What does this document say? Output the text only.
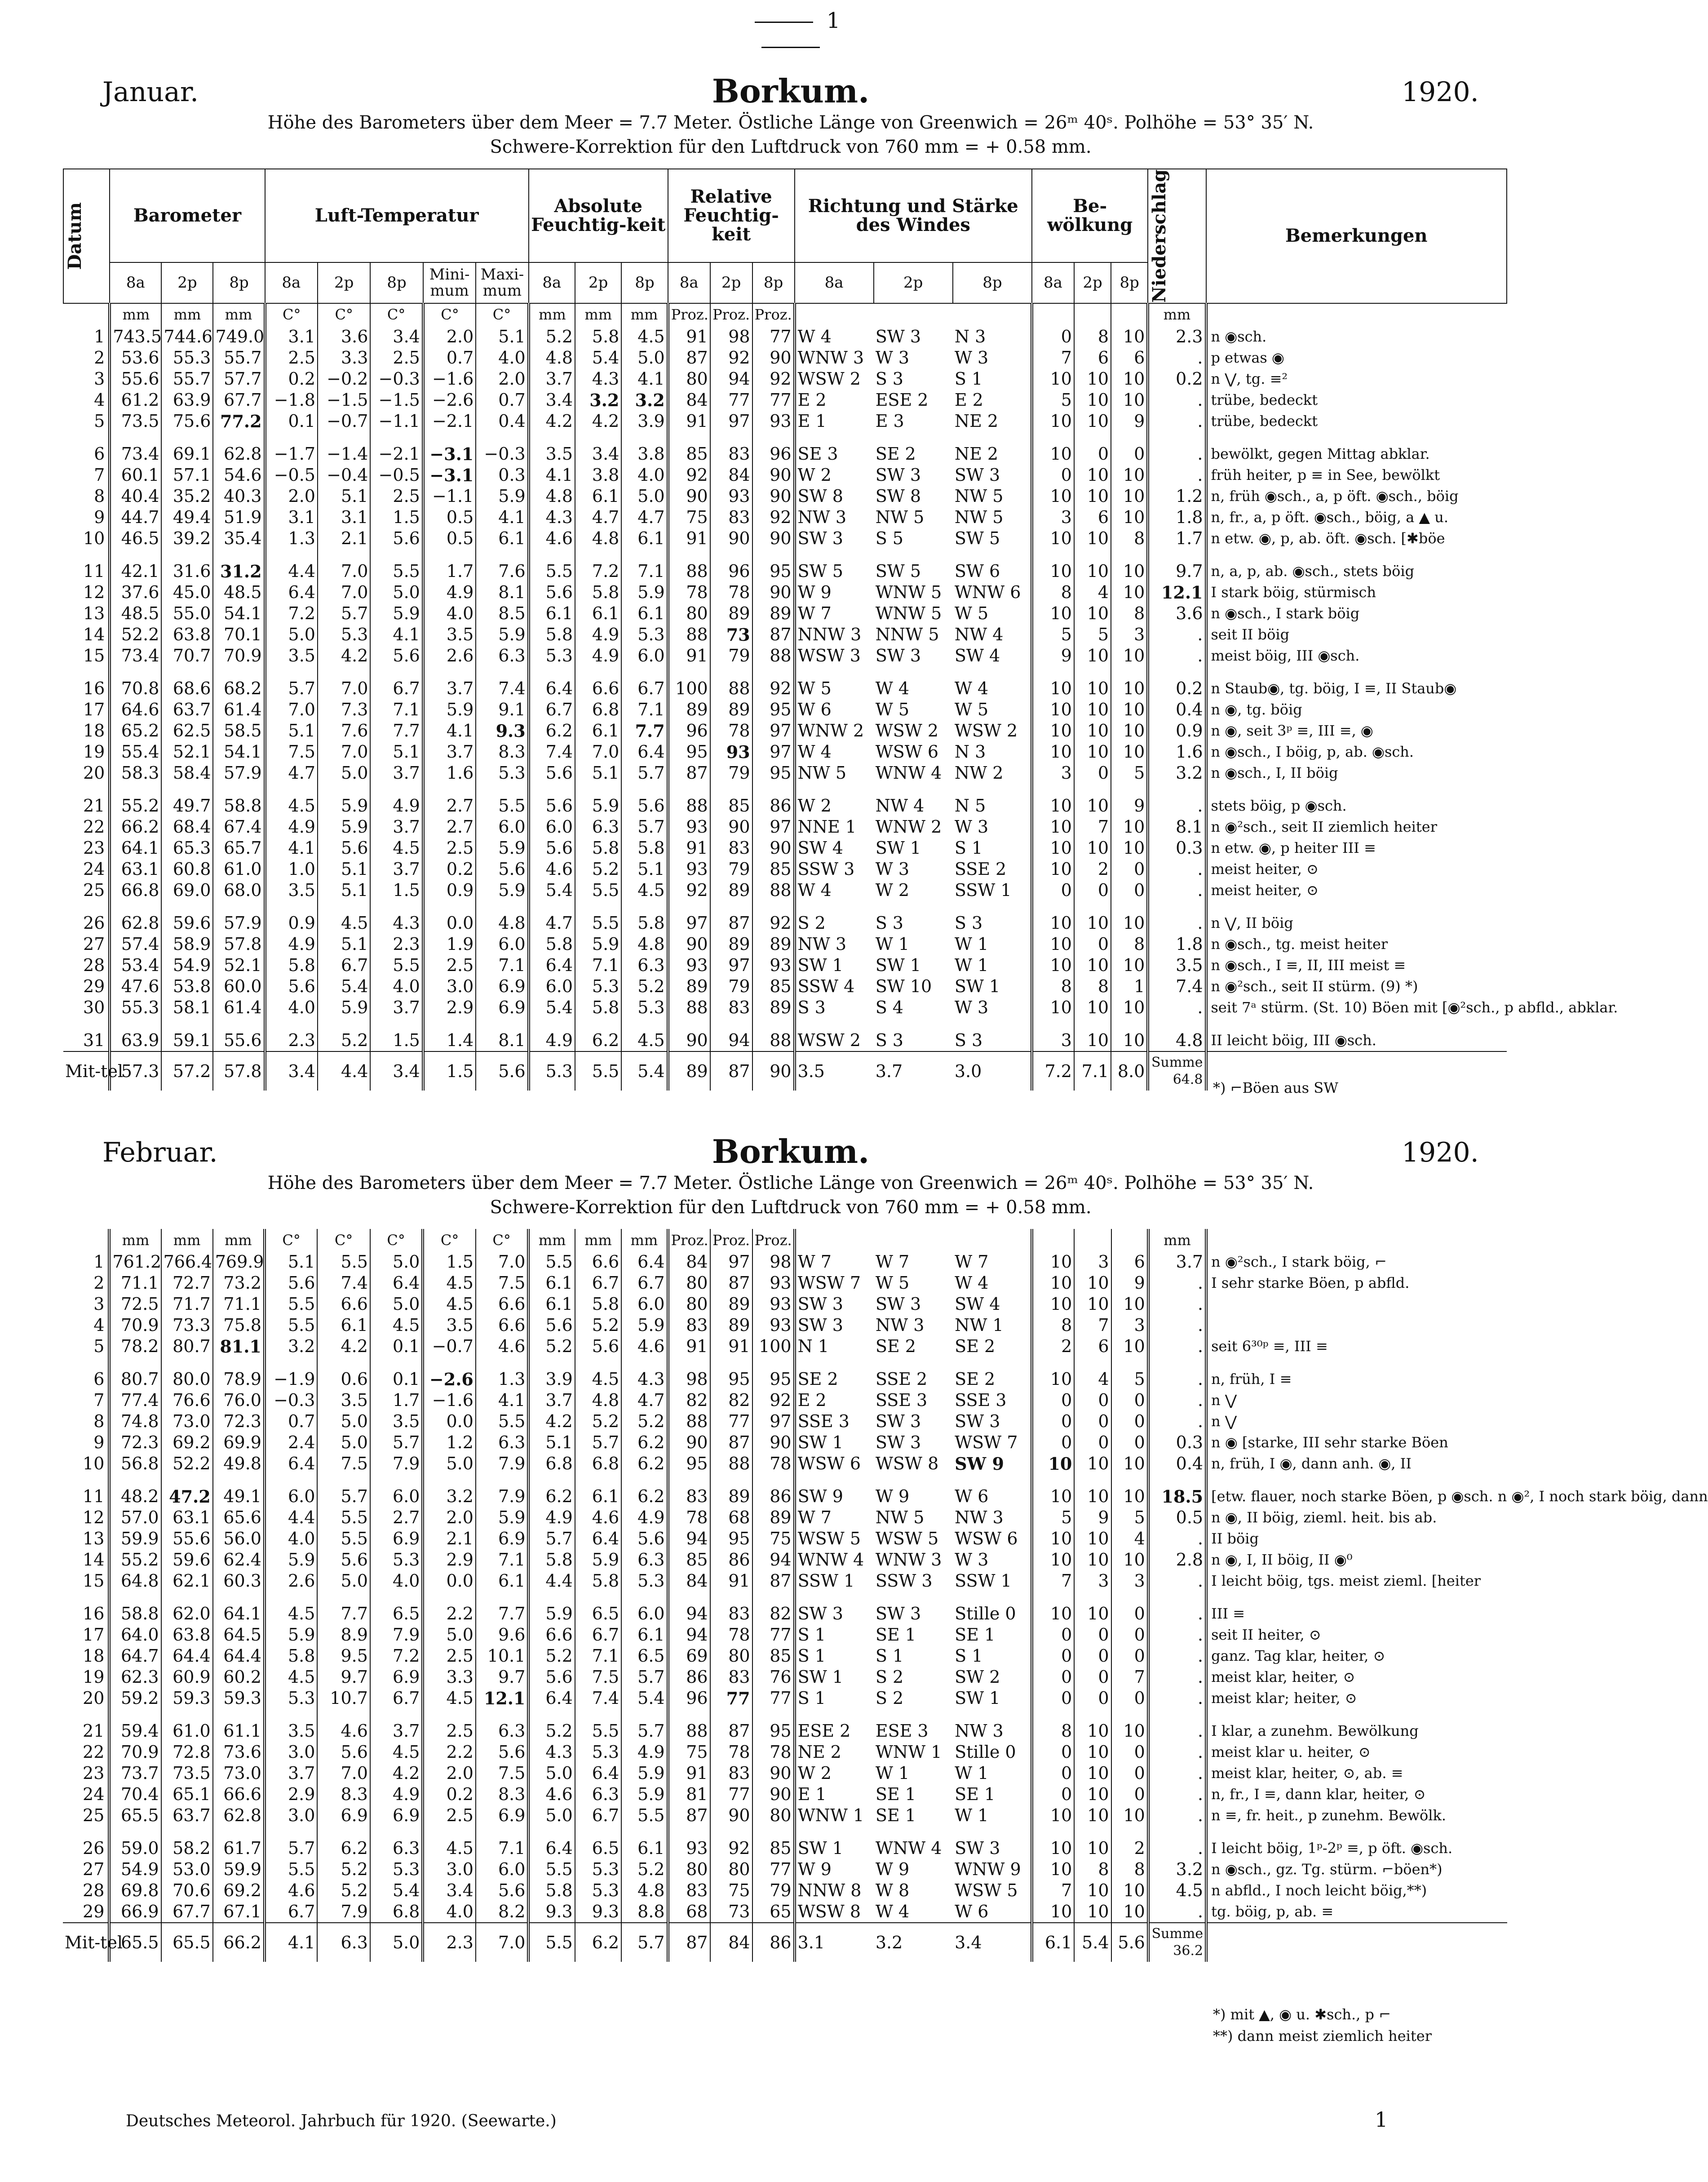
1
Januar.	Borkum.	1920.
Höhe des Barometers über dem Meer = 7.7 Meter. Östliche Länge von Greenwich = 26ᵐ 40ˢ. Polhöhe = 53° 35′ N.
Schwere-Korrektion für den Luftdruck von 760 mm = + 0.58 mm.
Datum	Barometer			Luft-Temperatur					Absolute Feuchtig-keit			Relative Feuchtig-keit			Richtung und Stärke des Windes			Be-wölkung			Niederschlag	Bemerkungen
	8a	2p	8p	8a	2p	8p	Mini-mum	Maxi-mum	8a	2p	8p	8a	2p	8p	8a	2p	8p	8a	2p	8p		
	mm	mm	mm	C°	C°	C°	C°	C°	mm	mm	mm	Proz.	Proz.	Proz.							mm	
1	743.5	744.6	749.0	3.1	3.6	3.4	2.0	5.1	5.2	5.8	4.5	91	98	77	W 4	SW 3	N 3	0	8	10	2.3	n ◉sch.
2	53.6	55.3	55.7	2.5	3.3	2.5	0.7	4.0	4.8	5.4	5.0	87	92	90	WNW 3	W 3	W 3	7	6	6	.	p etwas ◉
3	55.6	55.7	57.7	0.2	−0.2	−0.3	−1.6	2.0	3.7	4.3	4.1	80	94	92	WSW 2	S 3	S 1	10	10	10	0.2	n ⋁, tg. ≡²
4	61.2	63.9	67.7	−1.8	−1.5	−1.5	−2.6	0.7	3.4	3.2	3.2	84	77	77	E 2	ESE 2	E 2	5	10	10	.	trübe, bedeckt
5	73.5	75.6	77.2	0.1	−0.7	−1.1	−2.1	0.4	4.2	4.2	3.9	91	97	93	E 1	E 3	NE 2	10	10	9	.	trübe, bedeckt
6	73.4	69.1	62.8	−1.7	−1.4	−2.1	−3.1	−0.3	3.5	3.4	3.8	85	83	96	SE 3	SE 2	NE 2	10	0	0	.	bewölkt, gegen Mittag abklar.
7	60.1	57.1	54.6	−0.5	−0.4	−0.5	−3.1	0.3	4.1	3.8	4.0	92	84	90	W 2	SW 3	SW 3	0	10	10	.	früh heiter, p ≡ in See, bewölkt
8	40.4	35.2	40.3	2.0	5.1	2.5	−1.1	5.9	4.8	6.1	5.0	90	93	90	SW 8	SW 8	NW 5	10	10	10	1.2	n, früh ◉sch., a, p öft. ◉sch., böig
9	44.7	49.4	51.9	3.1	3.1	1.5	0.5	4.1	4.3	4.7	4.7	75	83	92	NW 3	NW 5	NW 5	3	6	10	1.8	n, fr., a, p öft. ◉sch., böig, a ▲ u.
10	46.5	39.2	35.4	1.3	2.1	5.6	0.5	6.1	4.6	4.8	6.1	91	90	90	SW 3	S 5	SW 5	10	10	8	1.7	n etw. ◉, p, ab. öft. ◉sch. [✱böe
11	42.1	31.6	31.2	4.4	7.0	5.5	1.7	7.6	5.5	7.2	7.1	88	96	95	SW 5	SW 5	SW 6	10	10	10	9.7	n, a, p, ab. ◉sch., stets böig
12	37.6	45.0	48.5	6.4	7.0	5.0	4.9	8.1	5.6	5.8	5.9	78	78	90	W 9	WNW 5	WNW 6	8	4	10	12.1	I stark böig, stürmisch
13	48.5	55.0	54.1	7.2	5.7	5.9	4.0	8.5	6.1	6.1	6.1	80	89	89	W 7	WNW 5	W 5	10	10	8	3.6	n ◉sch., I stark böig
14	52.2	63.8	70.1	5.0	5.3	4.1	3.5	5.9	5.8	4.9	5.3	88	73	87	NNW 3	NNW 5	NW 4	5	5	3	.	seit II böig
15	73.4	70.7	70.9	3.5	4.2	5.6	2.6	6.3	5.3	4.9	6.0	91	79	88	WSW 3	SW 3	SW 4	9	10	10	.	meist böig, III ◉sch.
16	70.8	68.6	68.2	5.7	7.0	6.7	3.7	7.4	6.4	6.6	6.7	100	88	92	W 5	W 4	W 4	10	10	10	0.2	n Staub◉, tg. böig, I ≡, II Staub◉
17	64.6	63.7	61.4	7.0	7.3	7.1	5.9	9.1	6.7	6.8	7.1	89	89	95	W 6	W 5	W 5	10	10	10	0.4	n ◉, tg. böig
18	65.2	62.5	58.5	5.1	7.6	7.7	4.1	9.3	6.2	6.1	7.7	96	78	97	WNW 2	WSW 2	WSW 2	10	10	10	0.9	n ◉, seit 3ᵖ ≡, III ≡, ◉
19	55.4	52.1	54.1	7.5	7.0	5.1	3.7	8.3	7.4	7.0	6.4	95	93	97	W 4	WSW 6	N 3	10	10	10	1.6	n ◉sch., I böig, p, ab. ◉sch.
20	58.3	58.4	57.9	4.7	5.0	3.7	1.6	5.3	5.6	5.1	5.7	87	79	95	NW 5	WNW 4	NW 2	3	0	5	3.2	n ◉sch., I, II böig
21	55.2	49.7	58.8	4.5	5.9	4.9	2.7	5.5	5.6	5.9	5.6	88	85	86	W 2	NW 4	N 5	10	10	9	.	stets böig, p ◉sch.
22	66.2	68.4	67.4	4.9	5.9	3.7	2.7	6.0	6.0	6.3	5.7	93	90	97	NNE 1	WNW 2	W 3	10	7	10	8.1	n ◉²sch., seit II ziemlich heiter
23	64.1	65.3	65.7	4.1	5.6	4.5	2.5	5.9	5.6	5.8	5.8	91	83	90	SW 4	SW 1	S 1	10	10	10	0.3	n etw. ◉, p heiter III ≡
24	63.1	60.8	61.0	1.0	5.1	3.7	0.2	5.6	4.6	5.2	5.1	93	79	85	SSW 3	W 3	SSE 2	10	2	0	.	meist heiter, ⊙
25	66.8	69.0	68.0	3.5	5.1	1.5	0.9	5.9	5.4	5.5	4.5	92	89	88	W 4	W 2	SSW 1	0	0	0	.	meist heiter, ⊙
26	62.8	59.6	57.9	0.9	4.5	4.3	0.0	4.8	4.7	5.5	5.8	97	87	92	S 2	S 3	S 3	10	10	10	.	n ⋁, II böig
27	57.4	58.9	57.8	4.9	5.1	2.3	1.9	6.0	5.8	5.9	4.8	90	89	89	NW 3	W 1	W 1	10	0	8	1.8	n ◉sch., tg. meist heiter
28	53.4	54.9	52.1	5.8	6.7	5.5	2.5	7.1	6.4	7.1	6.3	93	97	93	SW 1	SW 1	W 1	10	10	10	3.5	n ◉sch., I ≡, II, III meist ≡
29	47.6	53.8	60.0	5.6	5.4	4.0	3.0	6.9	6.0	5.3	5.2	89	79	85	SSW 4	SW 10	SW 1	8	8	1	7.4	n ◉²sch., seit II stürm. (9) *)
30	55.3	58.1	61.4	4.0	5.9	3.7	2.9	6.9	5.4	5.8	5.3	88	83	89	S 3	S 4	W 3	10	10	10	.	seit 7ᵃ stürm. (St. 10) Böen mit [◉²sch., p abfld., abklar.
31	63.9	59.1	55.6	2.3	5.2	1.5	1.4	8.1	4.9	6.2	4.5	90	94	88	WSW 2	S 3	S 3	3	10	10	4.8	II leicht böig, III ◉sch.
Mit-tel	57.3	57.2	57.8	3.4	4.4	3.4	1.5	5.6	5.3	5.5	5.4	89	87	90	3.5	3.7	3.0	7.2	7.1	8.0	Summe 64.8	*) ⌐Böen aus SW
Februar.	Borkum.	1920.
Höhe des Barometers über dem Meer = 7.7 Meter. Östliche Länge von Greenwich = 26ᵐ 40ˢ. Polhöhe = 53° 35′ N.
Schwere-Korrektion für den Luftdruck von 760 mm = + 0.58 mm.
	mm	mm	mm	C°	C°	C°	C°	C°	mm	mm	mm	Proz.	Proz.	Proz.							mm	
1	761.2	766.4	769.9	5.1	5.5	5.0	1.5	7.0	5.5	6.6	6.4	84	97	98	W 7	W 7	W 7	10	3	6	3.7	n ◉²sch., I stark böig, ⌐
2	71.1	72.7	73.2	5.6	7.4	6.4	4.5	7.5	6.1	6.7	6.7	80	87	93	WSW 7	W 5	W 4	10	10	9	.	I sehr starke Böen, p abfld.
3	72.5	71.7	71.1	5.5	6.6	5.0	4.5	6.6	6.1	5.8	6.0	80	89	93	SW 3	SW 3	SW 4	10	10	10	.	
4	70.9	73.3	75.8	5.5	6.1	4.5	3.5	6.6	5.6	5.2	5.9	83	89	93	SW 3	NW 3	NW 1	8	7	3	.	
5	78.2	80.7	81.1	3.2	4.2	0.1	−0.7	4.6	5.2	5.6	4.6	91	91	100	N 1	SE 2	SE 2	2	6	10	.	seit 6³⁰ᵖ ≡, III ≡
6	80.7	80.0	78.9	−1.9	0.6	0.1	−2.6	1.3	3.9	4.5	4.3	98	95	95	SE 2	SSE 2	SE 2	10	4	5	.	n, früh, I ≡
7	77.4	76.6	76.0	−0.3	3.5	1.7	−1.6	4.1	3.7	4.8	4.7	82	82	92	E 2	SSE 3	SSE 3	0	0	0	.	n ⋁
8	74.8	73.0	72.3	0.7	5.0	3.5	0.0	5.5	4.2	5.2	5.2	88	77	97	SSE 3	SW 3	SW 3	0	0	0	.	n ⋁
9	72.3	69.2	69.9	2.4	5.0	5.7	1.2	6.3	5.1	5.7	6.2	90	87	90	SW 1	SW 3	WSW 7	0	0	0	0.3	n ◉ [starke, III sehr starke Böen
10	56.8	52.2	49.8	6.4	7.5	7.9	5.0	7.9	6.8	6.8	6.2	95	88	78	WSW 6	WSW 8	SW 9	10	10	10	0.4	n, früh, I ◉, dann anh. ◉, II
11	48.2	47.2	49.1	6.0	5.7	6.0	3.2	7.9	6.2	6.1	6.2	83	89	86	SW 9	W 9	W 6	10	10	10	18.5	[etw. flauer, noch starke Böen, p ◉sch. n ◉², I noch stark böig, dann
12	57.0	63.1	65.6	4.4	5.5	2.7	2.0	5.9	4.9	4.6	4.9	78	68	89	W 7	NW 5	NW 3	5	9	5	0.5	n ◉, II böig, zieml. heit. bis ab.
13	59.9	55.6	56.0	4.0	5.5	6.9	2.1	6.9	5.7	6.4	5.6	94	95	75	WSW 5	WSW 5	WSW 6	10	10	4	.	II böig
14	55.2	59.6	62.4	5.9	5.6	5.3	2.9	7.1	5.8	5.9	6.3	85	86	94	WNW 4	WNW 3	W 3	10	10	10	2.8	n ◉, I, II böig, II ◉⁰
15	64.8	62.1	60.3	2.6	5.0	4.0	0.0	6.1	4.4	5.8	5.3	84	91	87	SSW 1	SSW 3	SSW 1	7	3	3	.	I leicht böig, tgs. meist zieml. [heiter
16	58.8	62.0	64.1	4.5	7.7	6.5	2.2	7.7	5.9	6.5	6.0	94	83	82	SW 3	SW 3	Stille 0	10	10	0	.	III ≡
17	64.0	63.8	64.5	5.9	8.9	7.9	5.0	9.6	6.6	6.7	6.1	94	78	77	S 1	SE 1	SE 1	0	0	0	.	seit II heiter, ⊙
18	64.7	64.4	64.4	5.8	9.5	7.2	2.5	10.1	5.2	7.1	6.5	69	80	85	S 1	S 1	S 1	0	0	0	.	ganz. Tag klar, heiter, ⊙
19	62.3	60.9	60.2	4.5	9.7	6.9	3.3	9.7	5.6	7.5	5.7	86	83	76	SW 1	S 2	SW 2	0	0	7	.	meist klar, heiter, ⊙
20	59.2	59.3	59.3	5.3	10.7	6.7	4.5	12.1	6.4	7.4	5.4	96	77	77	S 1	S 2	SW 1	0	0	0	.	meist klar; heiter, ⊙
21	59.4	61.0	61.1	3.5	4.6	3.7	2.5	6.3	5.2	5.5	5.7	88	87	95	ESE 2	ESE 3	NW 3	8	10	10	.	I klar, a zunehm. Bewölkung
22	70.9	72.8	73.6	3.0	5.6	4.5	2.2	5.6	4.3	5.3	4.9	75	78	78	NE 2	WNW 1	Stille 0	0	10	0	.	meist klar u. heiter, ⊙
23	73.7	73.5	73.0	3.7	7.0	4.2	2.0	7.5	5.0	6.4	5.9	91	83	90	W 2	W 1	W 1	0	10	0	.	meist klar, heiter, ⊙, ab. ≡
24	70.4	65.1	66.6	2.9	8.3	4.9	0.2	8.3	4.6	6.3	5.9	81	77	90	E 1	SE 1	SE 1	0	10	0	.	n, fr., I ≡, dann klar, heiter, ⊙
25	65.5	63.7	62.8	3.0	6.9	6.9	2.5	6.9	5.0	6.7	5.5	87	90	80	WNW 1	SE 1	W 1	10	10	10	.	n ≡, fr. heit., p zunehm. Bewölk.
26	59.0	58.2	61.7	5.7	6.2	6.3	4.5	7.1	6.4	6.5	6.1	93	92	85	SW 1	WNW 4	SW 3	10	10	2	.	I leicht böig, 1ᵖ-2ᵖ ≡, p öft. ◉sch.
27	54.9	53.0	59.9	5.5	5.2	5.3	3.0	6.0	5.5	5.3	5.2	80	80	77	W 9	W 9	WNW 9	10	8	8	3.2	n ◉sch., gz. Tg. stürm. ⌐böen*)
28	69.8	70.6	69.2	4.6	5.2	5.4	3.4	5.6	5.8	5.3	4.8	83	75	79	NNW 8	W 8	WSW 5	7	10	10	4.5	n abfld., I noch leicht böig,**)
29	66.9	67.7	67.1	6.7	7.9	6.8	4.0	8.2	9.3	9.3	8.8	68	73	65	WSW 8	W 4	W 6	10	10	10	.	tg. böig, p, ab. ≡
Mit-tel	65.5	65.5	66.2	4.1	6.3	5.0	2.3	7.0	5.5	6.2	5.7	87	84	86	3.1	3.2	3.4	6.1	5.4	5.6	Summe 36.2	
*) mit ▲, ◉ u. ✱sch., p ⌐
**) dann meist ziemlich heiter
Deutsches Meteorol. Jahrbuch für 1920. (Seewarte.)	1
